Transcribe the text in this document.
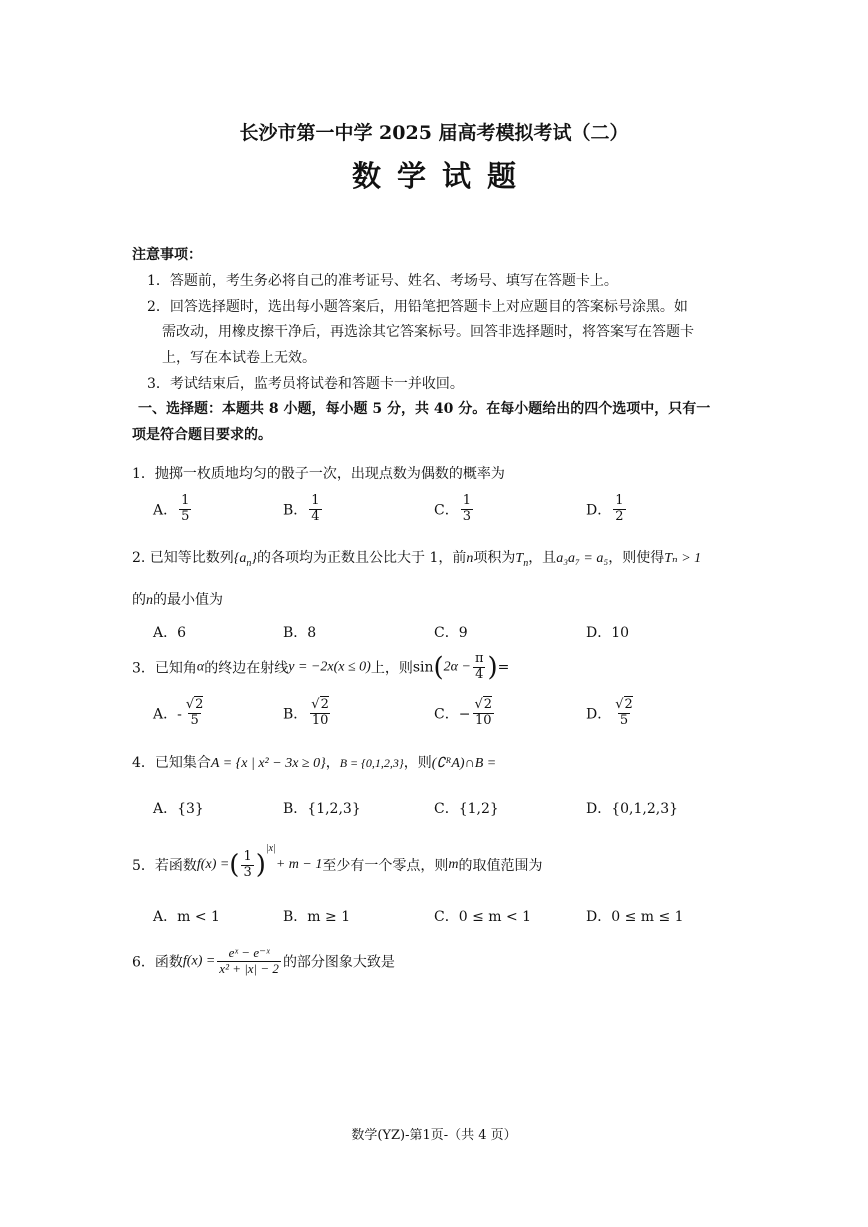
长沙市第一中学 2025 届高考模拟考试（二）
数学试题
注意事项：
1．答题前，考生务必将自己的准考证号、姓名、考场号、填写在答题卡上。
2．回答选择题时，选出每小题答案后，用铅笔把答题卡上对应题目的答案标号涂黑。如
需改动，用橡皮擦干净后，再选涂其它答案标号。回答非选择题时，将答案写在答题卡
上，写在本试卷上无效。
3．考试结束后，监考员将试卷和答题卡一并收回。
一、选择题：本题共 8 小题，每小题 5 分，共 40 分。在每小题给出的四个选项中，只有一
项是符合题目要求的。
1．抛掷一枚质地均匀的骰子一次，出现点数为偶数的概率为
A． $\frac{1}{5}$	B． $\frac{1}{4}$	C． $\frac{1}{3}$	D． $\frac{1}{2}$
2. 已知等比数列$\{a_n\}$的各项均为正数且公比大于 1，前n项积为$T_n$，且a₃a₇ = a₅，则使得Tₙ > 1
的n的最小值为
A．6	B．8	C．9	D．10
3．已知角α的终边在射线y = −2x(x ≤ 0)上，则$\sin(2\alpha - \frac{\pi}{4}$ )=
A．- $\frac{√2}{5}$	B． $\frac{√2}{10}$	C．− $\frac{√2}{10}$	D． $\frac{√2}{5}$
4．已知集合A = {x | x² − 3x ≥ 0}，B = {0,1,2,3}，则(∁ᴿA)∩B =
A．{3}	B．{1,2,3}	C．{1,2}	D．{0,1,2,3}
5．若函数f(x) =( $\frac{1}{3} )^{|x|}+ m - 1$至少有一个零点，则m的取值范围为
A．m < 1	B．m ≥ 1	C．0 ≤ m < 1	D．0 ≤ m ≤ 1
6．函数$f(x) = \frac{\text{eˣ − e⁻ˣ}}{\text{x² + |x| − 2}}$ 的部分图象大致是
数学(YZ)-第1页-（共 4 页）
